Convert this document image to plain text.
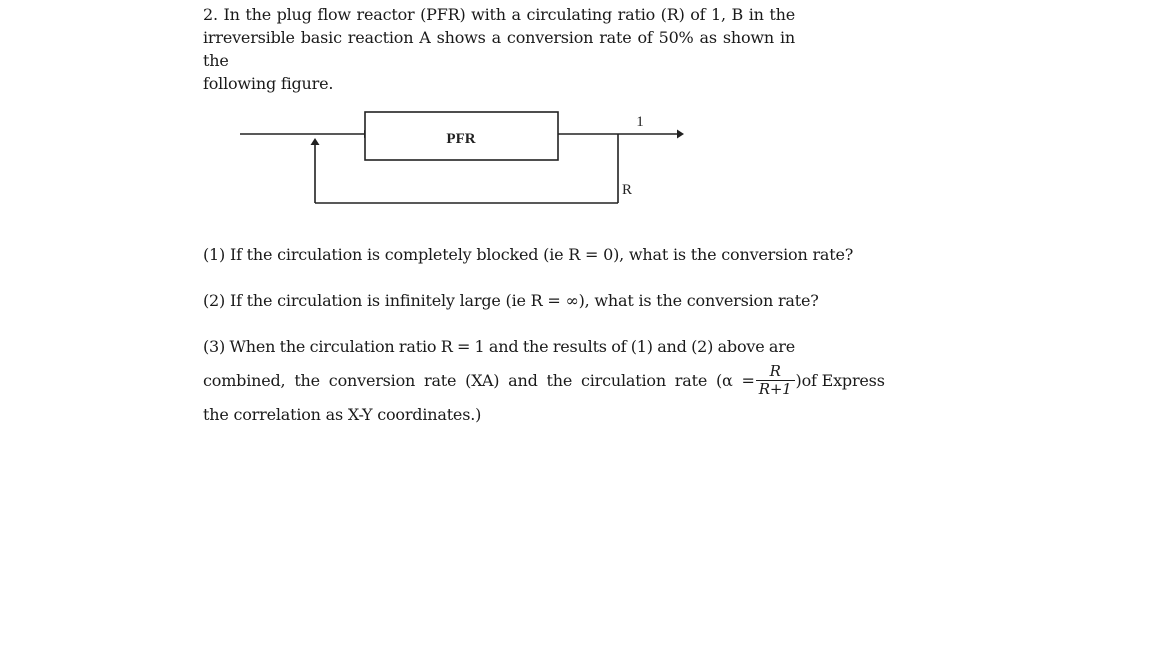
2. In the plug flow reactor (PFR) with a circulating ratio (R) of 1, B in the
irreversible basic reaction A shows a conversion rate of 50% as shown in the
following figure.
PFR
1
R
(1) If the circulation is completely blocked (ie R = 0), what is the conversion rate?
(2) If the circulation is infinitely large (ie R = ∞), what is the conversion rate?
(3) When the circulation ratio R = 1 and the results of (1) and (2) above are
combined, the conversion rate (XA) and the circulation rate $(\alpha = \frac{R}{R+1} )of$ Express
the correlation as X-Y coordinates.)
